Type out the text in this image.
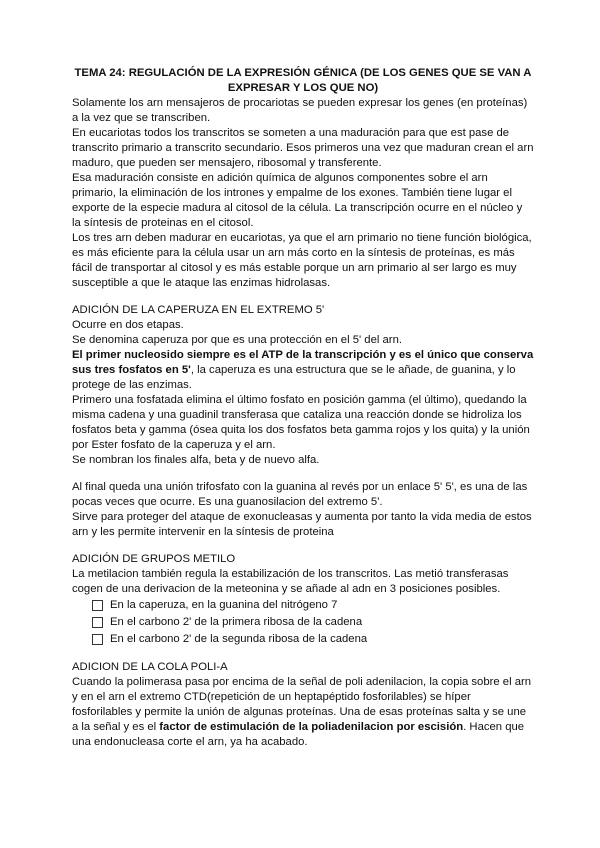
TEMA 24: REGULACIÓN DE LA EXPRESIÓN GÉNICA (DE LOS GENES QUE SE VAN A EXPRESAR Y LOS QUE NO)

Solamente los arn mensajeros de procariotas se pueden expresar los genes (en proteínas) a la vez que se transcriben.

En eucariotas todos los transcritos se someten a una maduración para que est pase de transcrito primario a transcrito secundario. Esos primeros una vez que maduran crean el arn maduro, que pueden ser mensajero, ribosomal y transferente.

Esa maduración consiste en adición química de algunos componentes sobre el arn primario, la eliminación de los intrones y empalme de los exones. También tiene lugar el exporte de la especie madura al citosol de la célula. La transcripción ocurre en el núcleo y la síntesis de proteinas en el citosol.

Los tres arn deben madurar en eucariotas, ya que el arn primario no tiene función biológica, es más eficiente para la célula usar un arn más corto en la síntesis de proteínas, es más fácil de transportar al citosol y es más estable porque un arn primario al ser largo es muy susceptible a que le ataque las enzimas hidrolasas.

ADICIÓN DE LA CAPERUZA EN EL EXTREMO 5'

Ocurre en dos etapas.

Se denomina caperuza por que es una protección en el 5' del arn.

El primer nucleosido siempre es el ATP de la transcripción y es el único que conserva sus tres fosfatos en 5', la caperuza es una estructura que se le añade, de guanina, y lo protege de las enzimas.

Primero una fosfatada elimina el último fosfato en posición gamma (el último), quedando la misma cadena y una guadinil transferasa que cataliza una reacción donde se hidroliza los fosfatos beta y gamma (ósea quita los dos fosfatos beta gamma rojos y los quita) y la unión por Ester fosfato de la caperuza y el arn.

Se nombran los finales alfa, beta y de nuevo alfa.

Al final queda una unión trifosfato con la guanina al revés por un enlace 5' 5', es una de las pocas veces que ocurre. Es una guanosilacion del extremo 5'.

Sirve para proteger del ataque de exonucleasas y aumenta por tanto la vida media de estos arn y les permite intervenir en la síntesis de proteina

ADICIÓN DE GRUPOS METILO

La metilacion también regula la estabilización de los transcritos. Las metió transferasas cogen de una derivacion de la meteonina y se añade al adn en 3 posiciones posibles.

En la caperuza, en la guanina del nitrógeno 7
En el carbono 2' de la primera ribosa de la cadena
En el carbono 2' de la segunda ribosa de la cadena

ADICION DE LA COLA POLI-A

Cuando la polimerasa pasa por encima de la señal de poli adenilacion, la copia sobre el arn y en el arn el extremo CTD(repetición de un heptapéptido fosforilables) se híper fosforilables y permite la unión de algunas proteínas. Una de esas proteínas salta y se une a la señal y es el factor de estimulación de la poliadenilacion por escisión. Hacen que una endonucleasa corte el arn, ya ha acabado.
